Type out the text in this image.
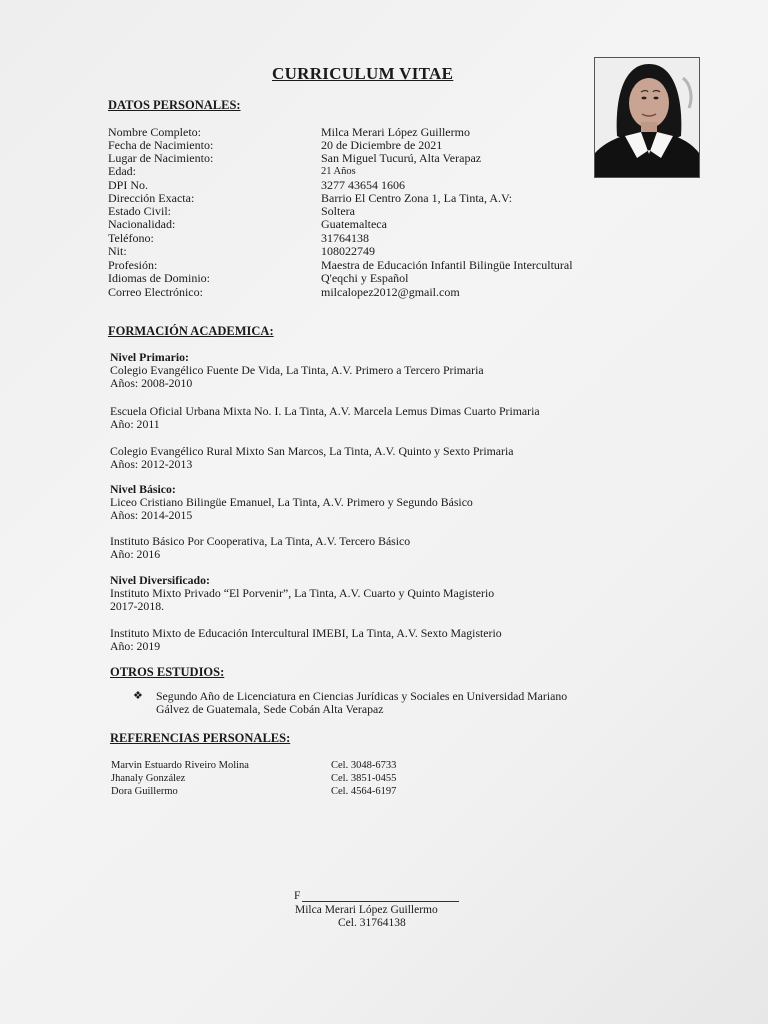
CURRICULUM VITAE
DATOS PERSONALES:
Nombre Completo:	Milca Merari López Guillermo
Fecha de Nacimiento:	20 de Diciembre de 2021
Lugar de Nacimiento:	San Miguel Tucurú, Alta Verapaz
Edad:	21 Años
DPI No.	3277 43654 1606
Dirección Exacta:	Barrio El Centro Zona 1, La Tinta, A.V:
Estado Civil:	Soltera
Nacionalidad:	Guatemalteca
Teléfono:	31764138
Nit:	108022749
Profesión:	Maestra de Educación Infantil Bilingüe Intercultural
Idiomas de Dominio:	Q'eqchi y Español
Correo Electrónico:	milcalopez2012@gmail.com
FORMACIÓN ACADEMICA:
Nivel Primario:
Colegio Evangélico Fuente De Vida, La Tinta, A.V. Primero a Tercero Primaria
Años: 2008-2010
Escuela Oficial Urbana Mixta No. I. La Tinta, A.V. Marcela Lemus Dimas Cuarto Primaria
Año: 2011
Colegio Evangélico Rural Mixto San Marcos, La Tinta, A.V. Quinto y Sexto Primaria
Años: 2012-2013
Nivel Básico:
Liceo Cristiano Bilingüe Emanuel, La Tinta, A.V. Primero y Segundo Básico
Años: 2014-2015
Instituto Básico Por Cooperativa, La Tinta, A.V. Tercero Básico
Año: 2016
Nivel Diversificado:
Instituto Mixto Privado “El Porvenir”, La Tinta, A.V. Cuarto y Quinto Magisterio
2017-2018.
Instituto Mixto de Educación Intercultural IMEBI, La Tinta, A.V. Sexto Magisterio
Año: 2019
OTROS ESTUDIOS:
❖ Segundo Año de Licenciatura en Ciencias Jurídicas y Sociales en Universidad Mariano
Gálvez de Guatemala, Sede Cobán Alta Verapaz
REFERENCIAS PERSONALES:
Marvin Estuardo Riveiro Molina	Cel. 3048-6733
Jhanaly González	Cel. 3851-0455
Dora Guillermo	Cel. 4564-6197
F
Milca Merari López Guillermo
Cel. 31764138
